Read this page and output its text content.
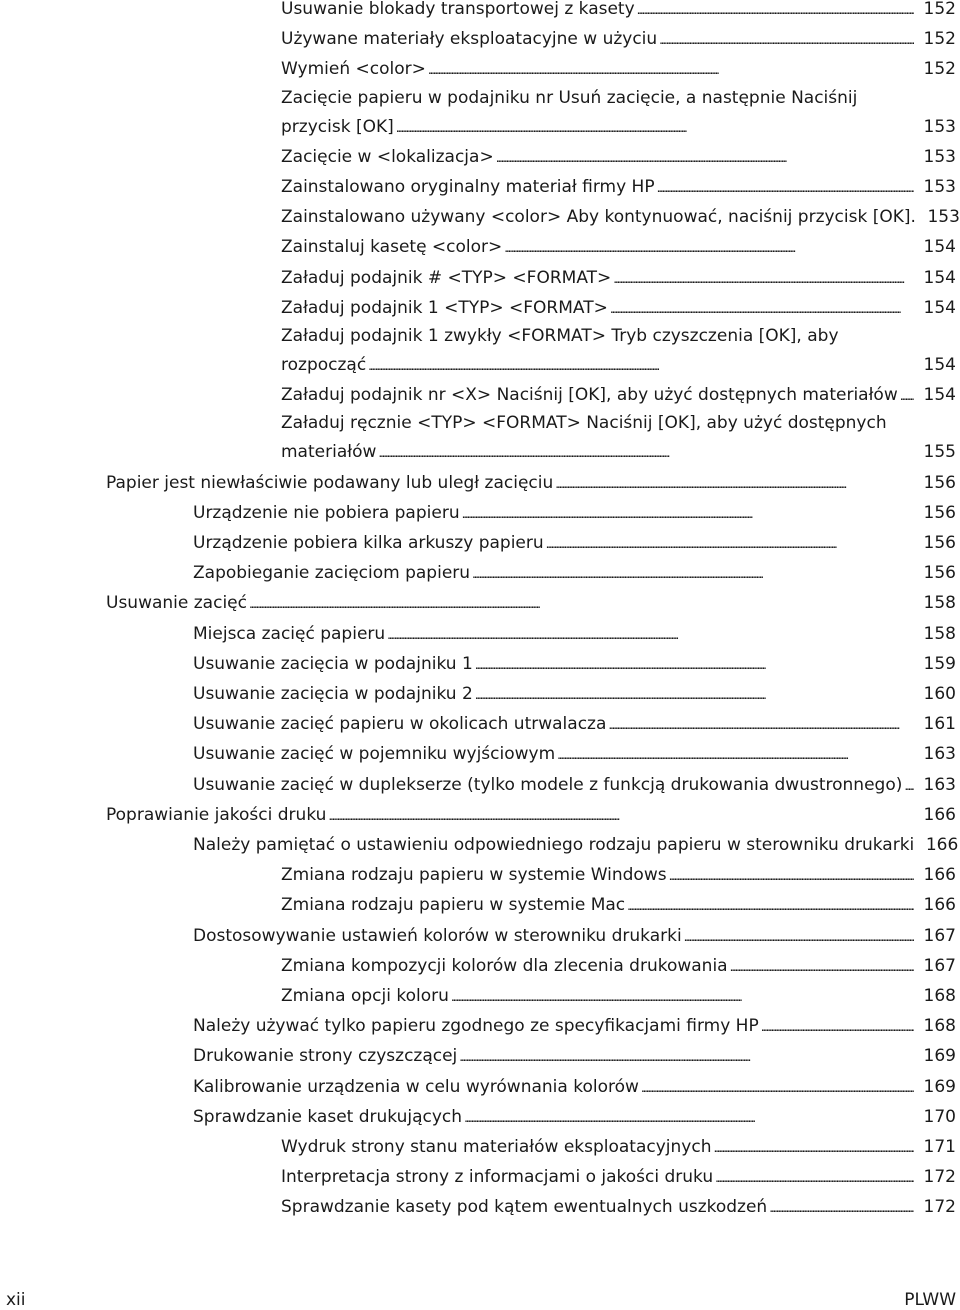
Usuwanie blokady transportowej z kasety . . .	152
Używane materiały eksploatacyjne w użyciu . . .	152
Wymień <color> . . .	152
Zacięcie papieru w podajniku nr Usuń zacięcie, a następnie Naciśnij
przycisk [OK] . . .	153
Zacięcie w <lokalizacja> . . .	153
Zainstalowano oryginalny materiał firmy HP . . .	153
Zainstalowano używany <color> Aby kontynuować, naciśnij przycisk [OK]. 153
Zainstaluj kasetę <color> . . .	154
Załaduj podajnik # <TYP> <FORMAT> . . .	154
Załaduj podajnik 1 <TYP> <FORMAT> . . .	154
Załaduj podajnik 1 zwykły <FORMAT> Tryb czyszczenia [OK], aby
rozpocząć . . .	154
Załaduj podajnik nr <X> Naciśnij [OK], aby użyć dostępnych materiałów . . .	154
Załaduj ręcznie <TYP> <FORMAT> Naciśnij [OK], aby użyć dostępnych
materiałów . . .	155
Papier jest niewłaściwie podawany lub uległ zacięciu . . .	156
Urządzenie nie pobiera papieru . . .	156
Urządzenie pobiera kilka arkuszy papieru . . .	156
Zapobieganie zacięciom papieru . . .	156
Usuwanie zacięć . . .	158
Miejsca zacięć papieru . . .	158
Usuwanie zacięcia w podajniku 1 . . .	159
Usuwanie zacięcia w podajniku 2 . . .	160
Usuwanie zacięć papieru w okolicach utrwalacza . . .	161
Usuwanie zacięć w pojemniku wyjściowym . . .	163
Usuwanie zacięć w duplekserze (tylko modele z funkcją drukowania dwustronnego) . . .	163
Poprawianie jakości druku . . .	166
Należy pamiętać o ustawieniu odpowiedniego rodzaju papieru w sterowniku drukarki 166
Zmiana rodzaju papieru w systemie Windows . . .	166
Zmiana rodzaju papieru w systemie Mac . . .	166
Dostosowywanie ustawień kolorów w sterowniku drukarki . . .	167
Zmiana kompozycji kolorów dla zlecenia drukowania . . .	167
Zmiana opcji koloru . . .	168
Należy używać tylko papieru zgodnego ze specyfikacjami firmy HP . . .	168
Drukowanie strony czyszczącej . . .	169
Kalibrowanie urządzenia w celu wyrównania kolorów . . .	169
Sprawdzanie kaset drukujących . . .	170
Wydruk strony stanu materiałów eksploatacyjnych . . .	171
Interpretacja strony z informacjami o jakości druku . . .	172
Sprawdzanie kasety pod kątem ewentualnych uszkodzeń . . .	172
xii	PLWW
